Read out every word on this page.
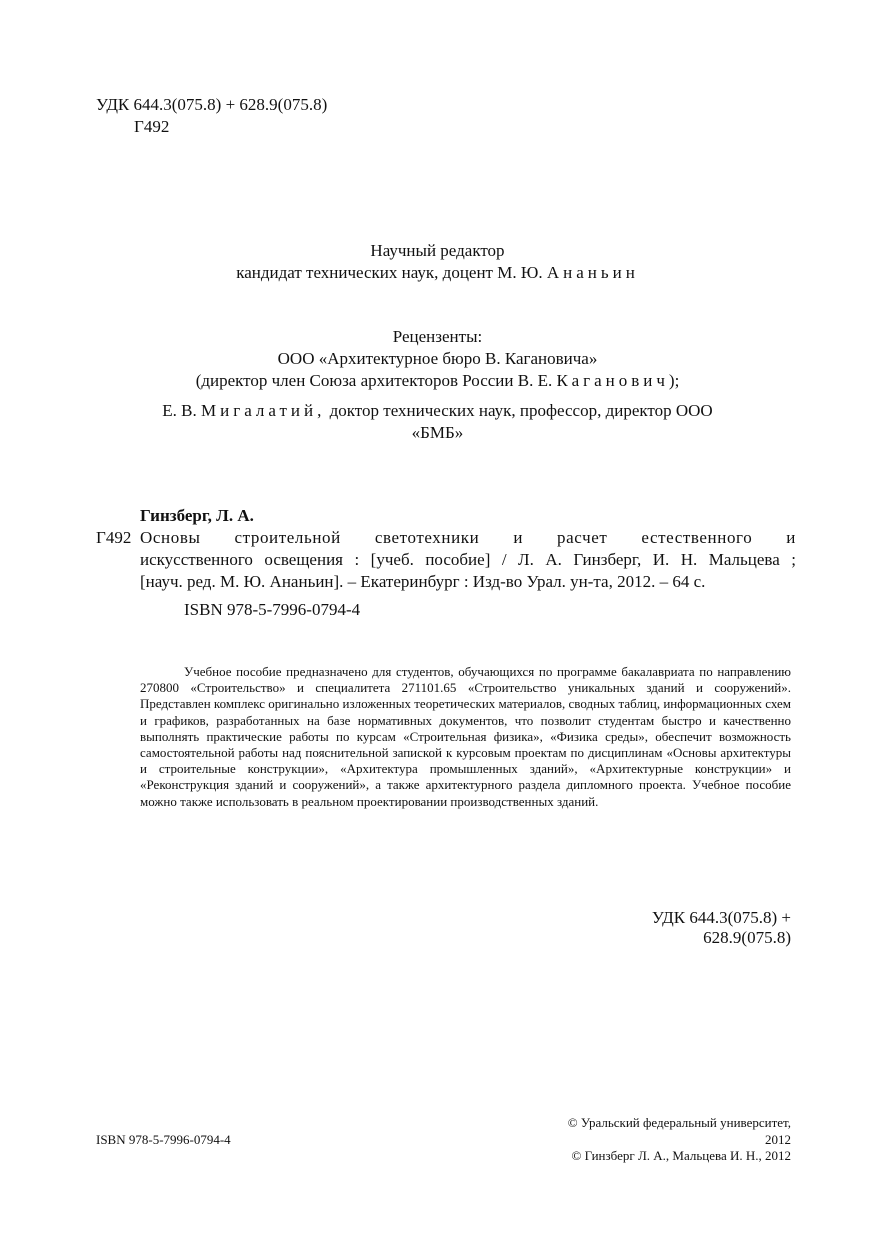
УДК 644.3(075.8) + 628.9(075.8)
Г492
Научный редактор
кандидат технических наук, доцент М. Ю. Ананьин
Рецензенты:
ООО «Архитектурное бюро В. Кагановича»
(директор член Союза архитекторов России В. Е. Каганович);
Е. В. Мигалатий, доктор технических наук, профессор, директор ООО
«БМБ»
Гинзберг, Л. А.
Г492 Основы строительной светотехники и расчет естественного и
искусственного освещения : [учеб. пособие] / Л. А. Гинзберг, И. Н. Мальцева ;
[науч. ред. М. Ю. Ананьин]. – Екатеринбург : Изд-во Урал. ун-та, 2012. – 64 с.
ISBN 978-5-7996-0794-4
Учебное пособие предназначено для студентов, обучающихся по программе бакалавриата по направлению 270800 «Строительство» и специалитета 271101.65 «Строительство уникальных зданий и сооружений». Представлен комплекс оригинально изложенных теоретических материалов, сводных таблиц, информационных схем и графиков, разработанных на базе нормативных документов, что позволит студентам быстро и качественно выполнять практические работы по курсам «Строительная физика», «Физика среды», обеспечит возможность самостоятельной работы над пояснительной запиской к курсовым проектам по дисциплинам «Основы архитектуры и строительные конструкции», «Архитектура промышленных зданий», «Архитектурные конструкции» и «Реконструкция зданий и сооружений», а также архитектурного раздела дипломного проекта. Учебное пособие можно также использовать в реальном проектировании производственных зданий.
УДК 644.3(075.8) +
628.9(075.8)
ISBN 978-5-7996-0794-4
© Уральский федеральный университет,
2012
© Гинзберг Л. А., Мальцева И. Н., 2012
